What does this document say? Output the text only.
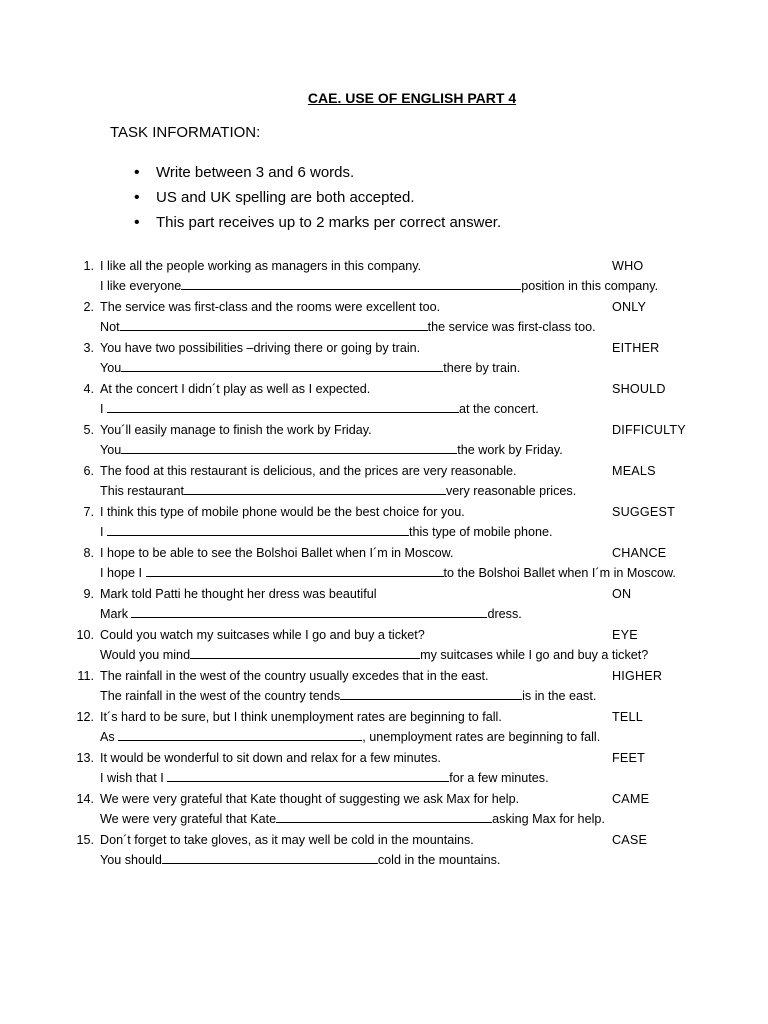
CAE. USE OF ENGLISH PART 4
TASK INFORMATION:
• Write between 3 and 6 words.
• US and UK spelling are both accepted.
• This part receives up to 2 marks per correct answer.
1. I like all the people working as managers in this company.	WHO
I like everyone	position in this company.
2. The service was first-class and the rooms were excellent too.	ONLY
Not	the service was first-class too.
3. You have two possibilities –driving there or going by train.	EITHER
You	there by train.
4. At the concert I didn´t play as well as I expected.	SHOULD
I	at the concert.
5. You´ll easily manage to finish the work by Friday.	DIFFICULTY
You	the work by Friday.
6. The food at this restaurant is delicious, and the prices are very reasonable.	MEALS
This restaurant	very reasonable prices.
7. I think this type of mobile phone would be the best choice for you.	SUGGEST
I	this type of mobile phone.
8. I hope to be able to see the Bolshoi Ballet when I´m in Moscow.	CHANCE
I hope I	to the Bolshoi Ballet when I´m in Moscow.
9. Mark told Patti he thought her dress was beautiful	ON
Mark	dress.
10. Could you watch my suitcases while I go and buy a ticket?	EYE
Would you mind	my suitcases while I go and buy a ticket?
11. The rainfall in the west of the country usually excedes that in the east.	HIGHER
The rainfall in the west of the country tends	is in the east.
12. It´s hard to be sure, but I think unemployment rates are beginning to fall.	TELL
As	, unemployment rates are beginning to fall.
13. It would be wonderful to sit down and relax for a few minutes.	FEET
I wish that I	for a few minutes.
14. We were very grateful that Kate thought of suggesting we ask Max for help.	CAME
We were very grateful that Kate	asking Max for help.
15. Don´t forget to take gloves, as it may well be cold in the mountains.	CASE
You should	cold in the mountains.
